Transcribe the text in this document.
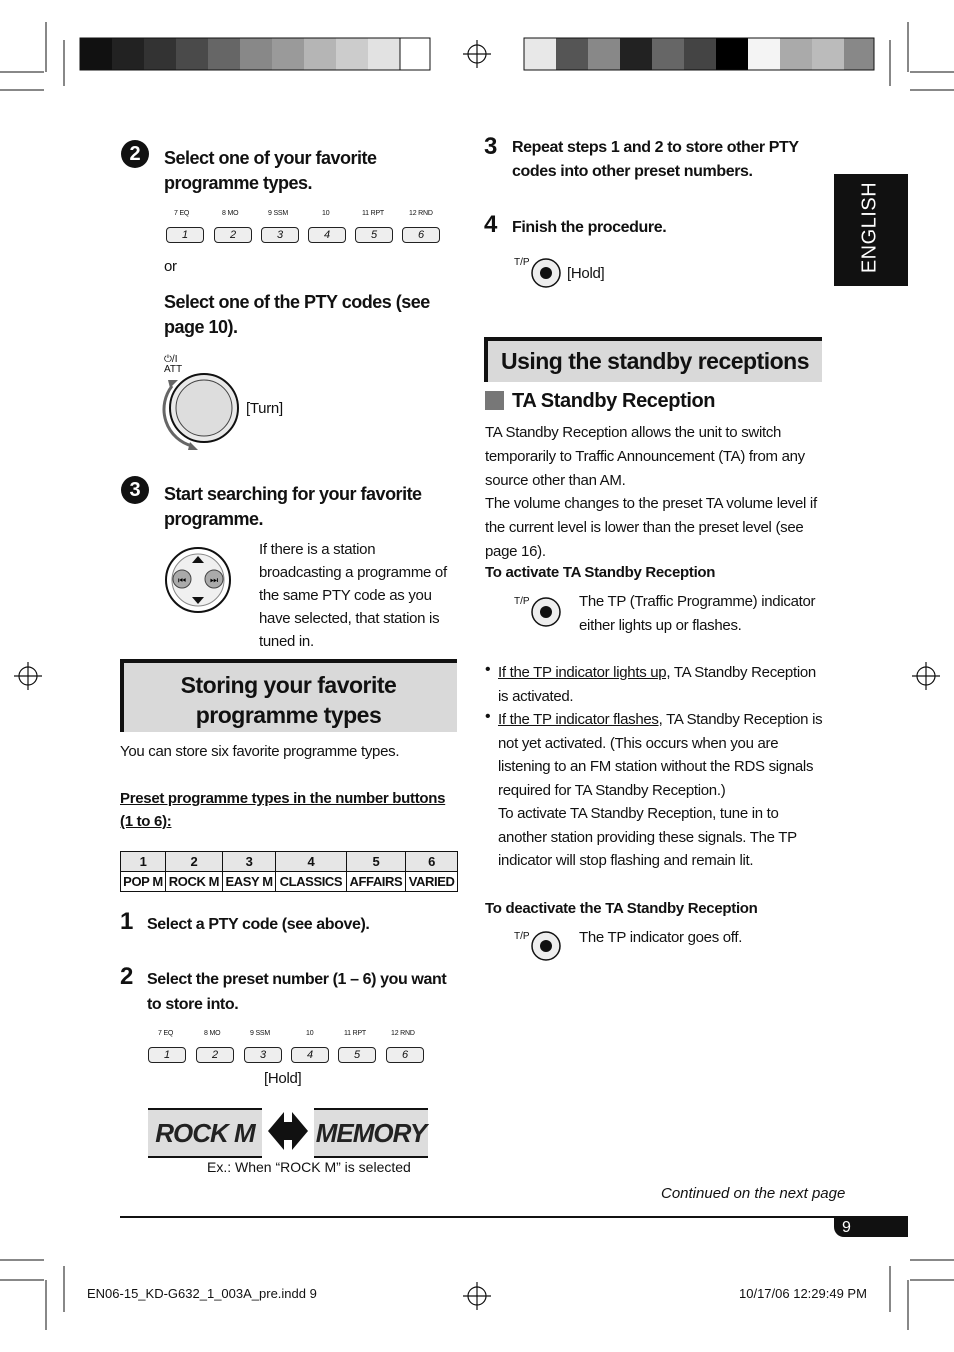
2	Select one of your favorite programme types.
7 EQ	8 MO	9 SSM	10	11 RPT	12 RND
1	2	3	4	5	6
or
Select one of the PTY codes (see page 10).
⏻/I ATT
[Turn]
3	Start searching for your favorite programme.
⏮	⏭
If there is a station broadcasting a programme of the same PTY code as you have selected, that station is tuned in.
Storing your favorite programme types
You can store six favorite programme types.
Preset programme types in the number buttons (1 to 6):
1	2	3	4	5	6
POP M	ROCK M	EASY M	CLASSICS	AFFAIRS	VARIED
1 Select a PTY code (see above).
2 Select the preset number (1 – 6) you want to store into.
7 EQ	8 MO	9 SSM	10	11 RPT	12 RND
1	2	3	4	5	6
[Hold]
ROCK M MEMORY
Ex.: When “ROCK M” is selected
3 Repeat steps 1 and 2 to store other PTY codes into other preset numbers.
4 Finish the procedure.
T/P
[Hold]
Using the standby receptions
TA Standby Reception
TA Standby Reception allows the unit to switch temporarily to Traffic Announcement (TA) from any source other than AM.
The volume changes to the preset TA volume level if the current level is lower than the preset level (see page 16).
To activate TA Standby Reception
T/P	The TP (Traffic Programme) indicator either lights up or flashes.
• If the TP indicator lights up, TA Standby Reception is activated.
• If the TP indicator flashes, TA Standby Reception is not yet activated. (This occurs when you are listening to an FM station without the RDS signals required for TA Standby Reception.)
To activate TA Standby Reception, tune in to another station providing these signals. The TP indicator will stop flashing and remain lit.
To deactivate the TA Standby Reception
T/P	The TP indicator goes off.
ENGLISH
Continued on the next page
9
EN06-15_KD-G632_1_003A_pre.indd 9	10/17/06 12:29:49 PM
